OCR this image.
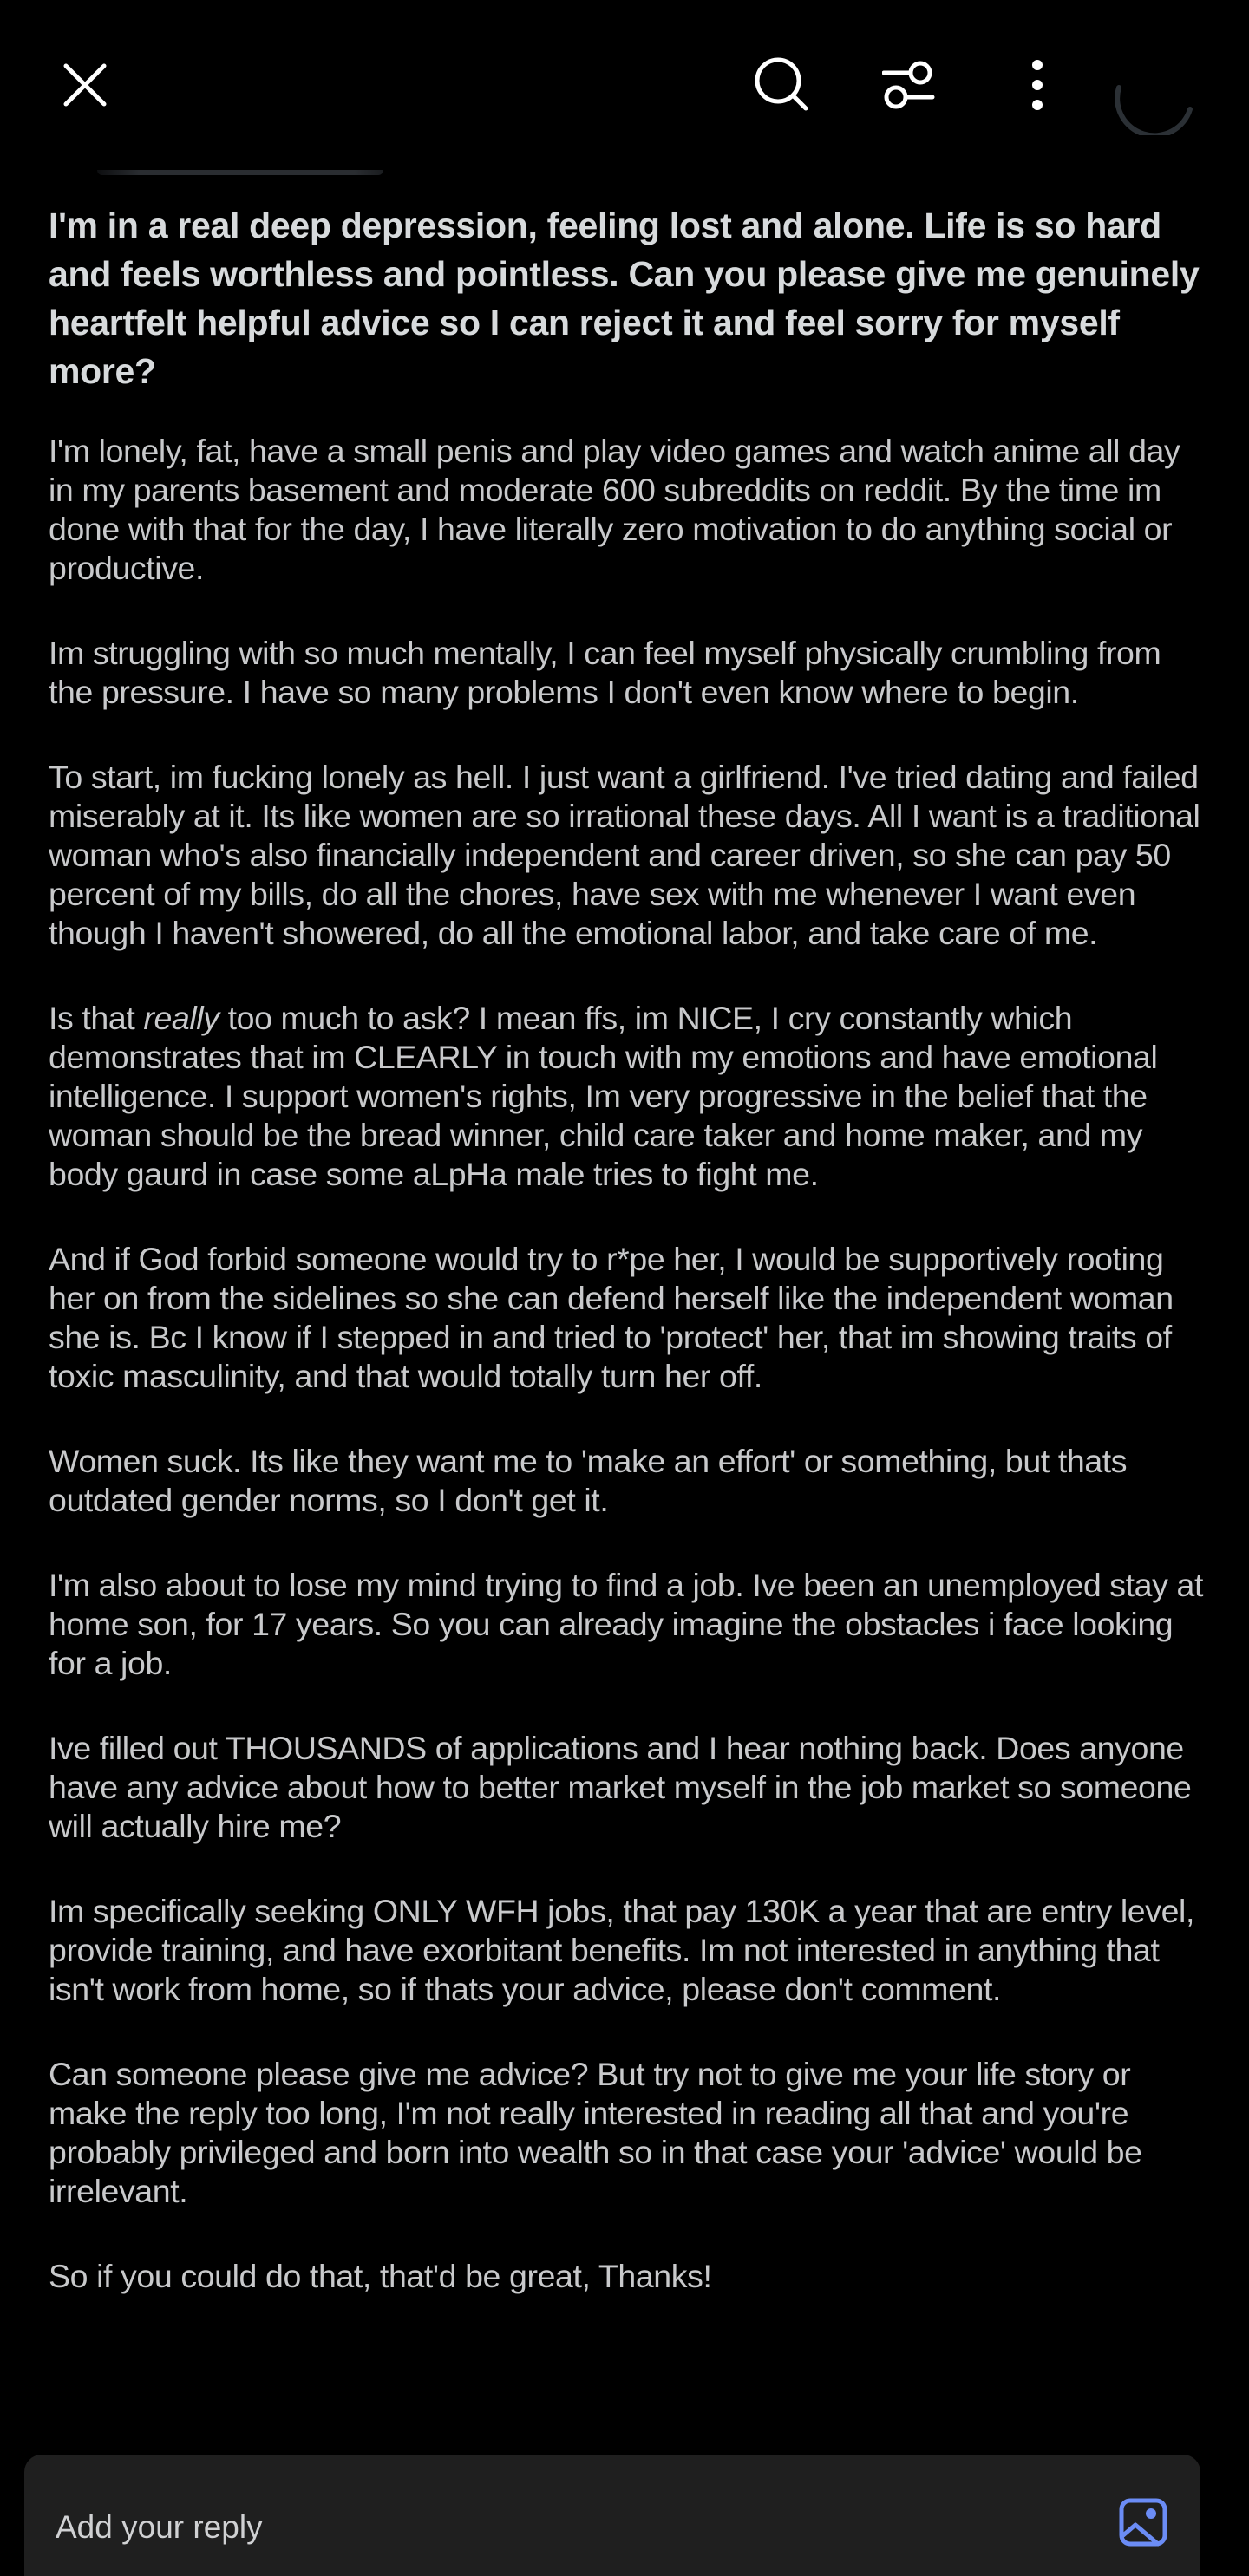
I'm in a real deep depression, feeling lost and alone. Life is so hard and feels worthless and pointless. Can you please give me genuinely heartfelt helpful advice so I can reject it and feel sorry for myself more?

I'm lonely, fat, have a small penis and play video games and watch anime all day in my parents basement and moderate 600 subreddits on reddit. By the time im done with that for the day, I have literally zero motivation to do anything social or productive.

Im struggling with so much mentally, I can feel myself physically crumbling from the pressure. I have so many problems I don't even know where to begin.

To start, im fucking lonely as hell. I just want a girlfriend. I've tried dating and failed miserably at it. Its like women are so irrational these days. All I want is a traditional woman who's also financially independent and career driven, so she can pay 50 percent of my bills, do all the chores, have sex with me whenever I want even though I haven't showered, do all the emotional labor, and take care of me.

Is that really too much to ask? I mean ffs, im NICE, I cry constantly which demonstrates that im CLEARLY in touch with my emotions and have emotional intelligence. I support women's rights, Im very progressive in the belief that the woman should be the bread winner, child care taker and home maker, and my body gaurd in case some aLpHa male tries to fight me.

And if God forbid someone would try to r*pe her, I would be supportively rooting her on from the sidelines so she can defend herself like the independent woman she is. Bc I know if I stepped in and tried to 'protect' her, that im showing traits of toxic masculinity, and that would totally turn her off.

Women suck. Its like they want me to 'make an effort' or something, but thats outdated gender norms, so I don't get it.

I'm also about to lose my mind trying to find a job. Ive been an unemployed stay at home son, for 17 years. So you can already imagine the obstacles i face looking for a job.

Ive filled out THOUSANDS of applications and I hear nothing back. Does anyone have any advice about how to better market myself in the job market so someone will actually hire me?

Im specifically seeking ONLY WFH jobs, that pay 130K a year that are entry level, provide training, and have exorbitant benefits. Im not interested in anything that isn't work from home, so if thats your advice, please don't comment.

Can someone please give me advice? But try not to give me your life story or make the reply too long, I'm not really interested in reading all that and you're probably privileged and born into wealth so in that case your 'advice' would be irrelevant.

So if you could do that, that'd be great, Thanks!

Add your reply
